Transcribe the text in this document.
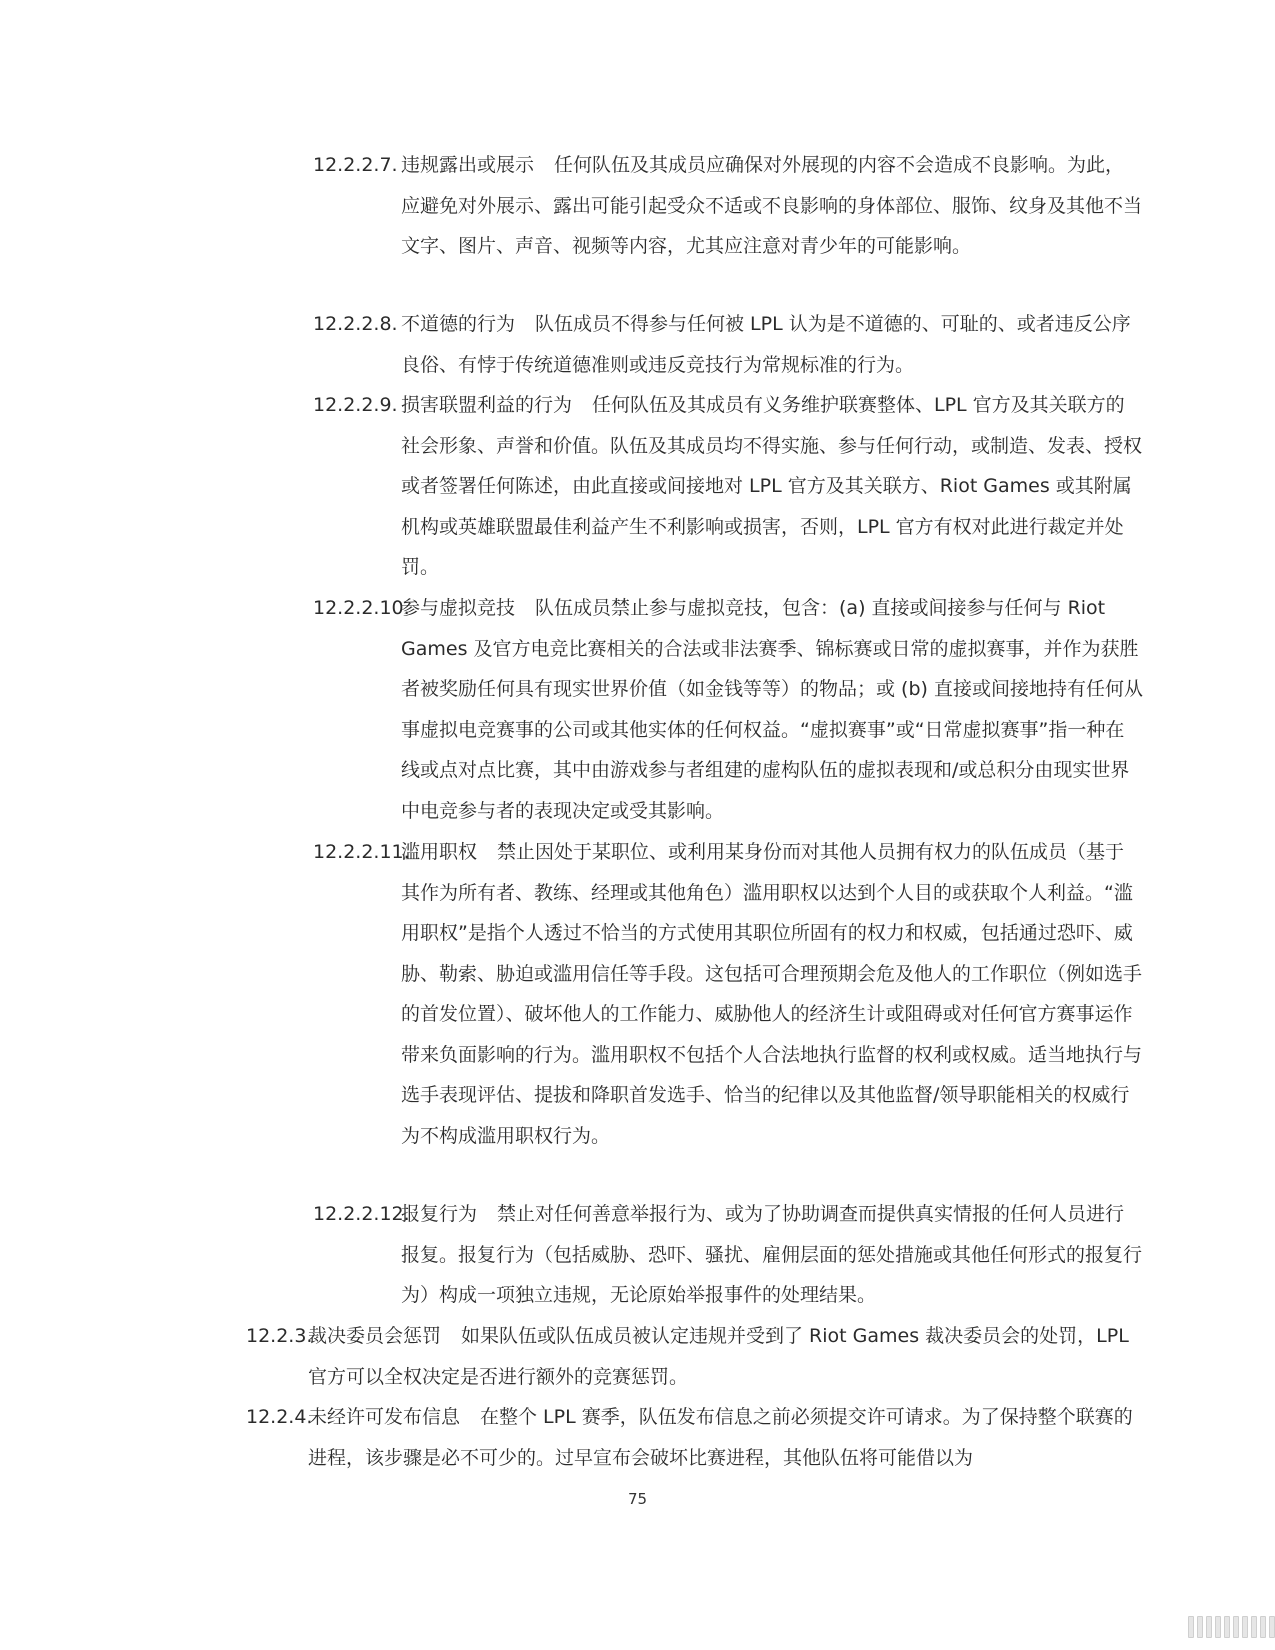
12.2.2.7. 违规露出或展示 任何队伍及其成员应确保对外展现的内容不会造成不良影响。为此，应避免对外展示、露出可能引起受众不适或不良影响的身体部位、服饰、纹身及其他不当文字、图片、声音、视频等内容，尤其应注意对青少年的可能影响。
12.2.2.8. 不道德的行为 队伍成员不得参与任何被 LPL 认为是不道德的、可耻的、或者违反公序良俗、有悖于传统道德准则或违反竞技行为常规标准的行为。
12.2.2.9. 损害联盟利益的行为 任何队伍及其成员有义务维护联赛整体、LPL 官方及其关联方的社会形象、声誉和价值。队伍及其成员均不得实施、参与任何行动，或制造、发表、授权或者签署任何陈述，由此直接或间接地对 LPL 官方及其关联方、Riot Games 或其附属机构或英雄联盟最佳利益产生不利影响或损害，否则，LPL 官方有权对此进行裁定并处罚。
12.2.2.10.
参与虚拟竞技 队伍成员禁止参与虚拟竞技，包含：(a) 直接或间接参与任何与 Riot Games 及官方电竞比赛相关的合法或非法赛季、锦标赛或日常的虚拟赛事，并作为获胜者被奖励任何具有现实世界价值（如金钱等等）的物品；或 (b) 直接或间接地持有任何从事虚拟电竞赛事的公司或其他实体的任何权益。“虚拟赛事”或“日常虚拟赛事”指一种在线或点对点比赛，其中由游戏参与者组建的虚构队伍的虚拟表现和/或总积分由现实世界中电竞参与者的表现决定或受其影响。
12.2.2.11.
滥用职权 禁止因处于某职位、或利用某身份而对其他人员拥有权力的队伍成员（基于其作为所有者、教练、经理或其他角色）滥用职权以达到个人目的或获取个人利益。“滥用职权”是指个人透过不恰当的方式使用其职位所固有的权力和权威，包括通过恐吓、威胁、勒索、胁迫或滥用信任等手段。这包括可合理预期会危及他人的工作职位（例如选手的首发位置）、破坏他人的工作能力、威胁他人的经济生计或阻碍或对任何官方赛事运作带来负面影响的行为。滥用职权不包括个人合法地执行监督的权利或权威。适当地执行与选手表现评估、提拔和降职首发选手、恰当的纪律以及其他监督/领导职能相关的权威行为不构成滥用职权行为。
12.2.2.12.
报复行为 禁止对任何善意举报行为、或为了协助调查而提供真实情报的任何人员进行报复。报复行为（包括威胁、恐吓、骚扰、雇佣层面的惩处措施或其他任何形式的报复行为）构成一项独立违规，无论原始举报事件的处理结果。
12.2.3.
裁决委员会惩罚 如果队伍或队伍成员被认定违规并受到了 Riot Games 裁决委员会的处罚，LPL 官方可以全权决定是否进行额外的竞赛惩罚。
12.2.4.
未经许可发布信息 在整个 LPL 赛季，队伍发布信息之前必须提交许可请求。为了保持整个联赛的进程，该步骤是必不可少的。过早宣布会破坏比赛进程，其他队伍将可能借以为
75
